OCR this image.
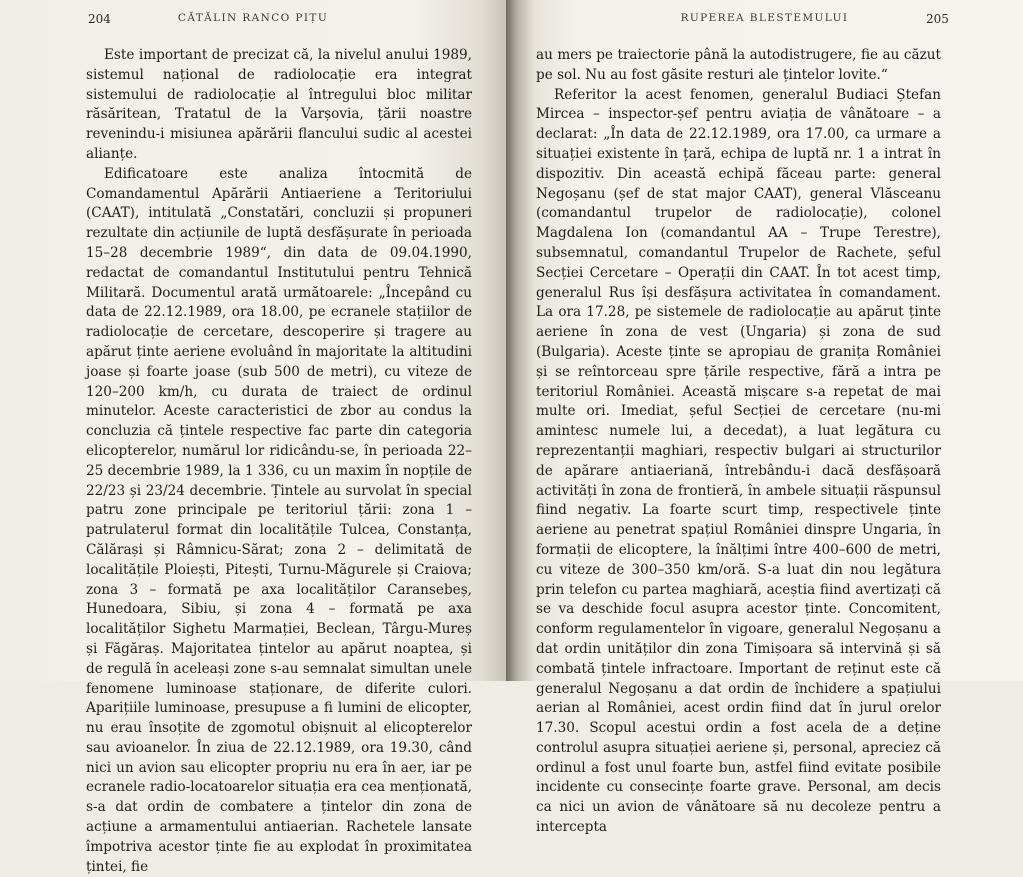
204	CĂTĂLIN RANCO PIȚU

Este important de precizat că, la nivelul anului 1989, sistemul național de radiolocație era integrat sistemului de radiolocație al întregului bloc militar răsăritean, Tratatul de la Varșovia, țării noastre revenindu-i misiunea apărării flancului sudic al acestei alianțe.

Edificatoare este analiza întocmită de Comandamentul Apărării Antiaeriene a Teritoriului (CAAT), intitulată „Constatări, concluzii și propuneri rezultate din acțiunile de luptă desfășurate în perioada 15–28 decembrie 1989“, din data de 09.04.1990, redactat de comandantul Institutului pentru Tehnică Militară. Documentul arată următoarele: „Începând cu data de 22.12.1989, ora 18.00, pe ecranele stațiilor de radiolocație de cercetare, descoperire și tragere au apărut ținte aeriene evoluând în majoritate la altitudini joase și foarte joase (sub 500 de metri), cu viteze de 120–200 km/h, cu durata de traiect de ordinul minutelor. Aceste caracteristici de zbor au condus la concluzia că țintele respective fac parte din categoria elicopterelor, numărul lor ridicându-se, în perioada 22–25 decembrie 1989, la 1 336, cu un maxim în nopțile de 22/23 și 23/24 decembrie. Țintele au survolat în special patru zone principale pe teritoriul țării: zona 1 – patrulaterul format din localitățile Tulcea, Constanța, Călărași și Râmnicu-Sărat; zona 2 – delimitată de localitățile Ploiești, Pitești, Turnu-Măgurele și Craiova; zona 3 – formată pe axa localităților Caransebeș, Hunedoara, Sibiu, și zona 4 – formată pe axa localităților Sighetu Marmației, Beclean, Târgu-Mureș și Făgăraș. Majoritatea țintelor au apărut noaptea, și de regulă în aceleași zone s-au semnalat simultan unele fenomene luminoase staționare, de diferite culori. Aparițiile luminoase, presupuse a fi lumini de elicopter, nu erau însoțite de zgomotul obișnuit al elicopterelor sau avioanelor. În ziua de 22.12.1989, ora 19.30, când nici un avion sau elicopter propriu nu era în aer, iar pe ecranele radio-locatoarelor situația era cea menționată, s-a dat ordin de combatere a țintelor din zona de acțiune a armamentului antiaerian. Rachetele lansate împotriva acestor ținte fie au explodat în proximitatea țintei, fie

RUPEREA BLESTEMULUI	205

au mers pe traiectorie până la autodistrugere, fie au căzut pe sol. Nu au fost găsite resturi ale țintelor lovite.“

Referitor la acest fenomen, generalul Budiaci Ștefan Mircea – inspector-șef pentru aviația de vânătoare – a declarat: „În data de 22.12.1989, ora 17.00, ca urmare a situației existente în țară, echipa de luptă nr. 1 a intrat în dispozitiv. Din această echipă făceau parte: general Negoșanu (șef de stat major CAAT), general Vlăsceanu (comandantul trupelor de radiolocație), colonel Magdalena Ion (comandantul AA – Trupe Terestre), subsemnatul, comandantul Trupelor de Rachete, șeful Secției Cercetare – Operații din CAAT. În tot acest timp, generalul Rus își desfășura activitatea în comandament. La ora 17.28, pe sistemele de radiolocație au apărut ținte aeriene în zona de vest (Ungaria) și zona de sud (Bulgaria). Aceste ținte se apropiau de granița României și se reîntorceau spre țările respective, fără a intra pe teritoriul României. Această mișcare s-a repetat de mai multe ori. Imediat, șeful Secției de cercetare (nu-mi amintesc numele lui, a decedat), a luat legătura cu reprezentanții maghiari, respectiv bulgari ai structurilor de apărare antiaeriană, întrebându-i dacă desfășoară activități în zona de frontieră, în ambele situații răspunsul fiind negativ. La foarte scurt timp, respectivele ținte aeriene au penetrat spațiul României dinspre Ungaria, în formații de elicoptere, la înălțimi între 400–600 de metri, cu viteze de 300–350 km/oră. S-a luat din nou legătura prin telefon cu partea maghiară, aceștia fiind avertizați că se va deschide focul asupra acestor ținte. Concomitent, conform regulamentelor în vigoare, generalul Negoșanu a dat ordin unităților din zona Timișoara să intervină și să combată țintele infractoare. Important de reținut este că generalul Negoșanu a dat ordin de închidere a spațiului aerian al României, acest ordin fiind dat în jurul orelor 17.30. Scopul acestui ordin a fost acela de a deține controlul asupra situației aeriene și, personal, apreciez că ordinul a fost unul foarte bun, astfel fiind evitate posibile incidente cu consecințe foarte grave. Personal, am decis ca nici un avion de vânătoare să nu decoleze pentru a intercepta
